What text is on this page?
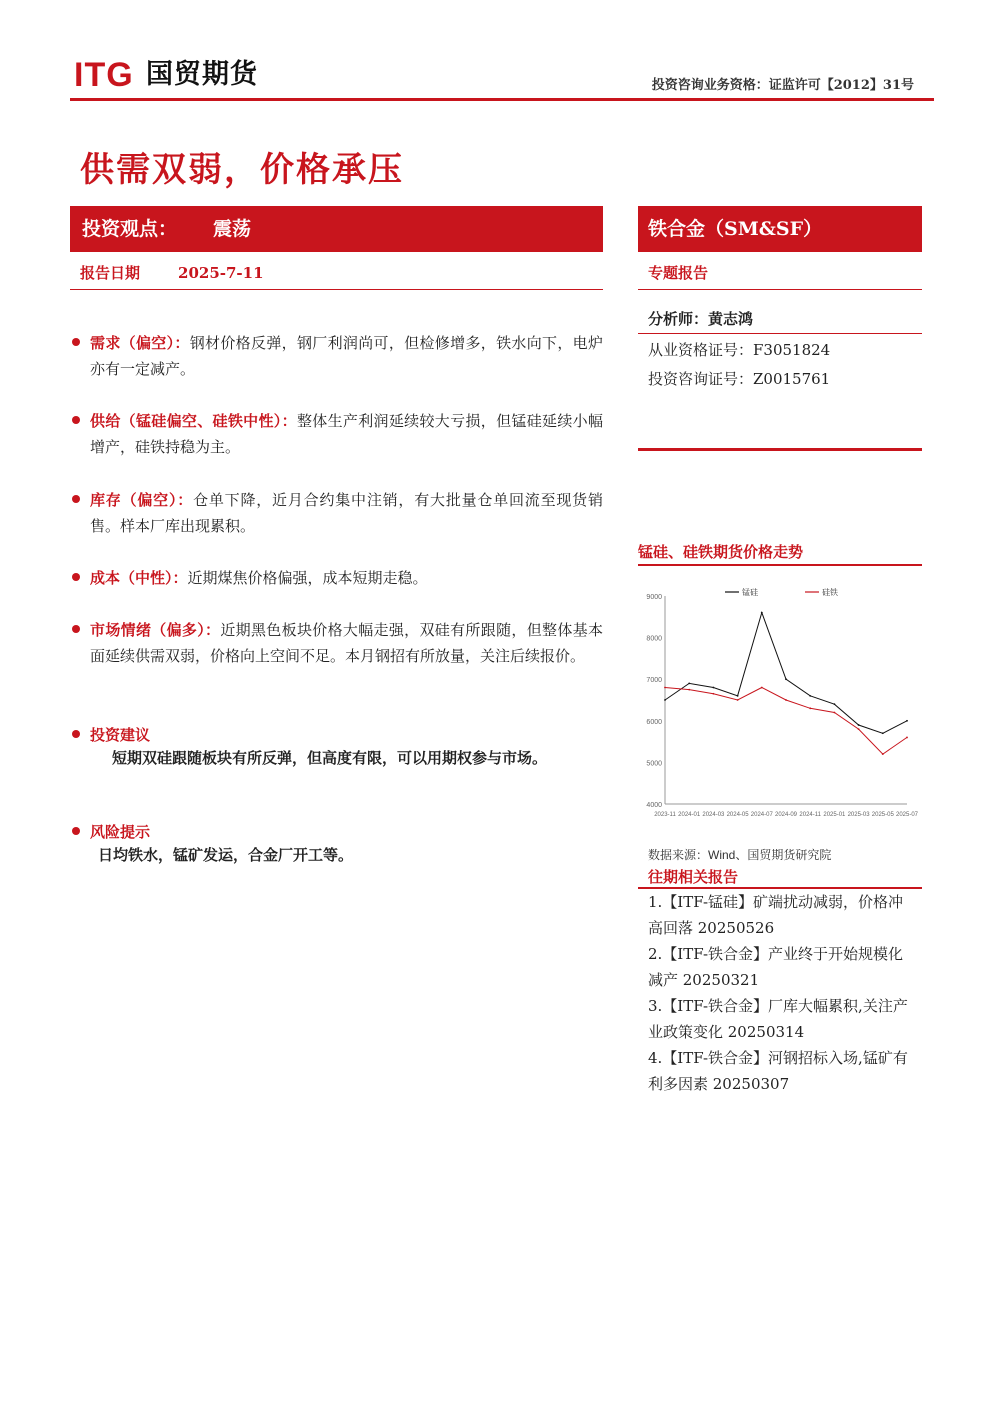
ITG 国贸期货	投资咨询业务资格：证监许可【2012】31号
供需双弱，价格承压
投资观点： 震荡
报告日期	2025-7-11
铁合金（SM&SF）
专题报告
分析师：黄志鸿
从业资格证号：F3051824
投资咨询证号：Z0015761
需求（偏空）：钢材价格反弹，钢厂利润尚可，但检修增多，铁水向下，电炉亦有一定减产。
供给（锰硅偏空、硅铁中性）：整体生产利润延续较大亏损，但锰硅延续小幅增产，硅铁持稳为主。
库存（偏空）：仓单下降，近月合约集中注销，有大批量仓单回流至现货销售。样本厂库出现累积。
成本（中性）：近期煤焦价格偏强，成本短期走稳。
市场情绪（偏多）：近期黑色板块价格大幅走强，双硅有所跟随，但整体基本面延续供需双弱，价格向上空间不足。本月钢招有所放量，关注后续报价。
投资建议
短期双硅跟随板块有所反弹，但高度有限，可以用期权参与市场。
风险提示
日均铁水，锰矿发运，合金厂开工等。
锰硅、硅铁期货价格走势
4000
5000
6000
7000
8000
9000
2023-11 2024-01 2024-03 2024-05 2024-07 2024-09 2024-11 2025-01 2025-03 2025-05 2025-07
锰硅	硅铁
数据来源：Wind、国贸期货研究院
往期相关报告
1.【ITF-锰硅】矿端扰动减弱，价格冲高回落 20250526
2.【ITF-铁合金】产业终于开始规模化减产 20250321
3.【ITF-铁合金】厂库大幅累积,关注产业政策变化 20250314
4.【ITF-铁合金】河钢招标入场,锰矿有利多因素 20250307
